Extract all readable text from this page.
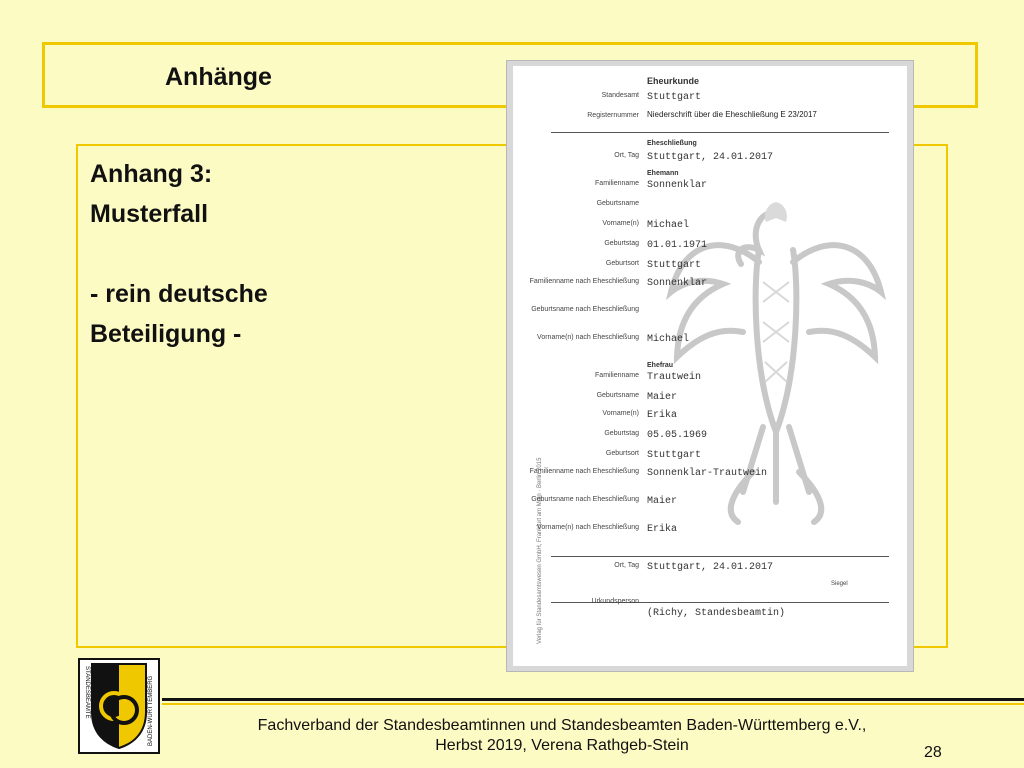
Anhänge
Anhang 3:
Musterfall
- rein deutsche
Beteiligung -
Verlag für Standesamtswesen GmbH, Frankfurt am Main · Berlin 2015
Eheurkunde
Standesamt Stuttgart
Registernummer Niederschrift über die Eheschließung E 23/2017
Eheschließung
Ort, Tag Stuttgart, 24.01.2017
Ehemann
Familienname Sonnenklar
Geburtsname
Vorname(n) Michael
Geburtstag 01.01.1971
Geburtsort Stuttgart
Familienname nach Eheschließung Sonnenklar
Geburtsname nach Eheschließung
Vorname(n) nach Eheschließung Michael
Ehefrau
Familienname Trautwein
Geburtsname Maier
Vorname(n) Erika
Geburtstag 05.05.1969
Geburtsort Stuttgart
Familienname nach Eheschließung Sonnenklar-Trautwein
Geburtsname nach Eheschließung Maier
Vorname(n) nach Eheschließung Erika
Ort, Tag Stuttgart, 24.01.2017
Siegel
Urkundsperson
(Richy, Standesbeamtin)
STANDESBEAMTE	BADEN-WÜRTTEMBERG	Fachverband der Standesbeamtinnen und Standesbeamten Baden-Württemberg e.V.,
Herbst 2019, Verena Rathgeb-Stein	28
